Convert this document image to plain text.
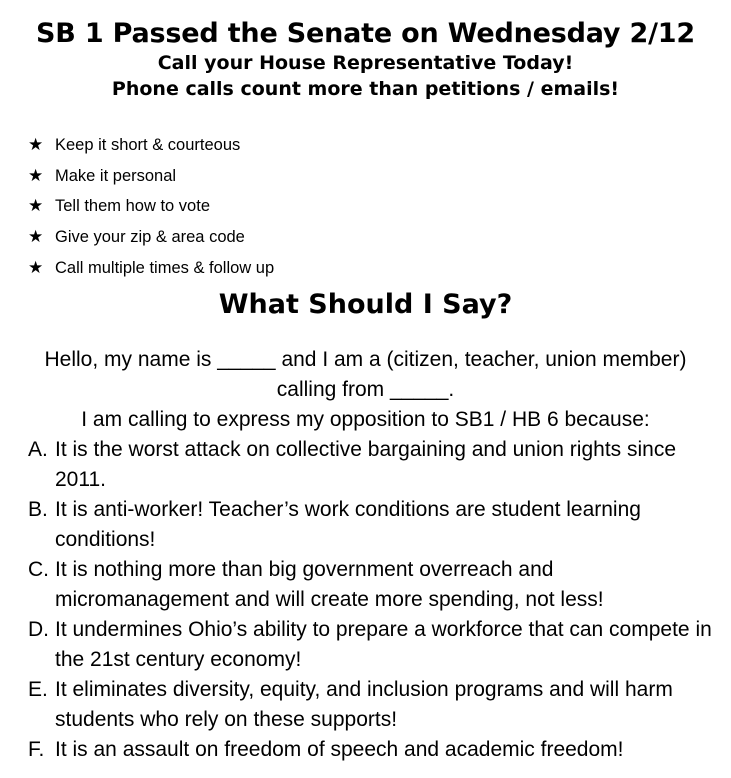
SB 1 Passed the Senate on Wednesday 2/12
Call your House Representative Today!
Phone calls count more than petitions / emails!
★ Keep it short & courteous
★ Make it personal
★ Tell them how to vote
★ Give your zip & area code
★ Call multiple times & follow up
What Should I Say?

Hello, my name is _____ and I am a (citizen, teacher, union member)

calling from _____.

I am calling to express my opposition to SB1 / HB 6 because:

A. It is the worst attack on collective bargaining and union rights since 2011.
B. It is anti-worker! Teacher’s work conditions are student learning conditions!
C. It is nothing more than big government overreach and micromanagement and will create more spending, not less!
D. It undermines Ohio’s ability to prepare a workforce that can compete in the 21st century economy!
E. It eliminates diversity, equity, and inclusion programs and will harm students who rely on these supports!
F. It is an assault on freedom of speech and academic freedom!
